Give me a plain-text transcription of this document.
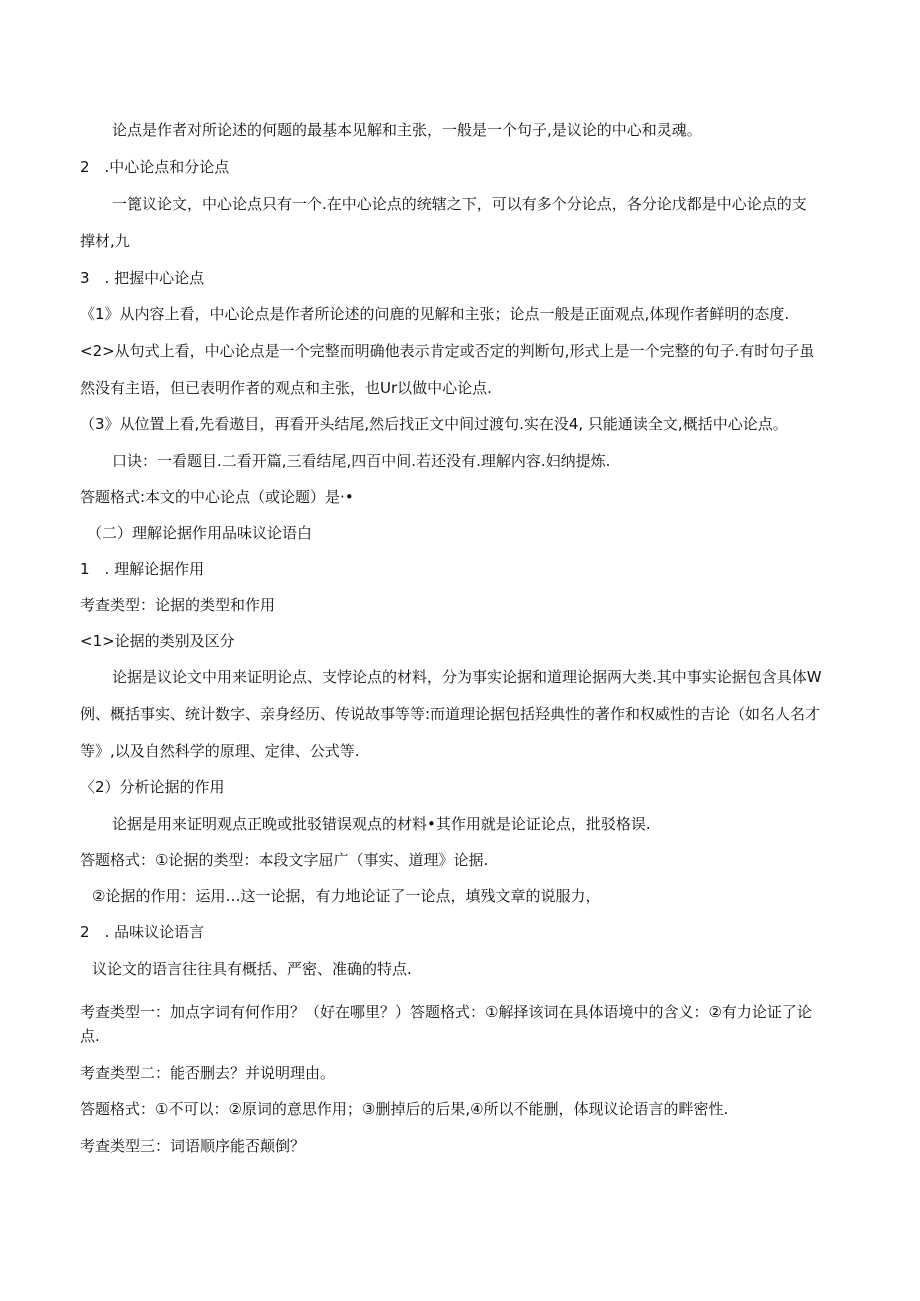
论点是作者对所论述的何题的最基本见解和主张，一般是一个句子,是议论的中心和灵魂。
2　.中心论点和分论点
一篦议论文，中心论点只有一个.在中心论点的统辖之下，可以有多个分论点，各分论戊都是中心论点的支
撑材,九
3　. 把握中心论点
《1》从内容上看，中心论点是作者所论述的问鹿的见解和主张；论点一般是正面观点,体现作者鲜明的态度.
<2>从句式上看，中心论点是一个完整而明确他表示肯定或否定的判断句,形式上是一个完整的句子.有时句子虽
然没有主语，但已表明作者的观点和主张，也Ur以做中心论点.
（3》从位置上看,先看遨目，再看开头结尾,然后找正文中间过渡句.实在没4, 只能通读全文,概括中心论点。
口诀：一看题目.二看开篇,三看结尾,四百中间.若还没有.理解内容.妇纳提炼.
答题格式:本文的中心论点（或论题）是·•
（二）理解论据作用品味议论语白
1　. 理解论据作用
考查类型：论据的类型和作用
<1>论据的类别及区分
论据是议论文中用来证明论点、支悖论点的材料，分为事实论据和道理论据两大类.其中事实论据包含具体W
例、概括事实、统计数字、亲身经历、传说故事等等:而道理论据包括羟典性的著作和权威性的吉论（如名人名才
等》,以及自然科学的原理、定律、公式等.
〈2）分析论据的作用
论据是用来证明观点正晚或批驳错误观点的材料•其作用就是论证论点，批驳格误.
答题格式：①论据的类型：本段文字屈广（事实、道理》论据.
②论据的作用：运用…这一论据，有力地论证了一论点，填残文章的说服力，
2　. 品味议论语言
议论文的语言往往具有概括、严密、准确的特点.
考查类型一：加点字词有何作用？（好在哪里？）答题格式：①解择该词在具体语境中的含义：②有力论证了论
点.
考查类型二：能否删去？并说明理由。
答题格式：①不可以：②原词的意思作用；③删掉后的后果,④所以不能删，体现议论语言的畔密性.
考查类型三：词语顺序能否颠倒？
